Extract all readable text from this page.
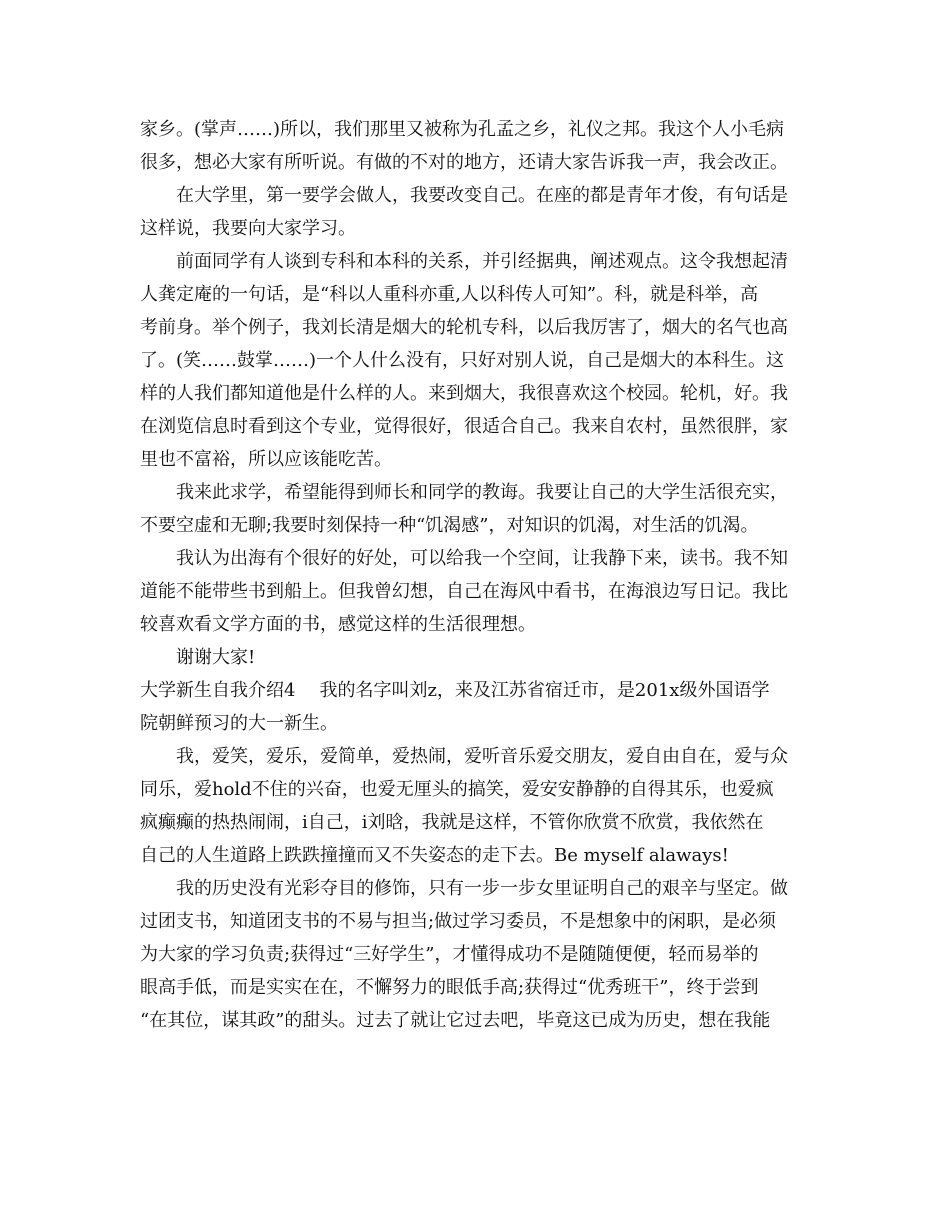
家乡。(掌声……)所以，我们那里又被称为孔孟之乡，礼仪之邦。我这个人小毛病
很多，想必大家有所听说。有做的不对的地方，还请大家告诉我一声，我会改正。
在大学里，第一要学会做人，我要改变自己。在座的都是青年才俊，有句话是
这样说，我要向大家学习。
前面同学有人谈到专科和本科的关系，并引经据典，阐述观点。这令我想起清
人龚定庵的一句话，是“科以人重科亦重,人以科传人可知”。科，就是科举，高
考前身。举个例子，我刘长清是烟大的轮机专科，以后我厉害了，烟大的名气也高
了。(笑……鼓掌……)一个人什么没有，只好对别人说，自己是烟大的本科生。这
样的人我们都知道他是什么样的人。来到烟大，我很喜欢这个校园。轮机，好。我
在浏览信息时看到这个专业，觉得很好，很适合自己。我来自农村，虽然很胖，家
里也不富裕，所以应该能吃苦。
我来此求学，希望能得到师长和同学的教诲。我要让自己的大学生活很充实，
不要空虚和无聊;我要时刻保持一种“饥渴感”，对知识的饥渴，对生活的饥渴。
我认为出海有个很好的好处，可以给我一个空间，让我静下来，读书。我不知
道能不能带些书到船上。但我曾幻想，自己在海风中看书，在海浪边写日记。我比
较喜欢看文学方面的书，感觉这样的生活很理想。
谢谢大家!
大学新生自我介绍4 我的名字叫刘z，来及江苏省宿迁市，是201x级外国语学
院朝鲜预习的大一新生。
我，爱笑，爱乐，爱简单，爱热闹，爱听音乐爱交朋友，爱自由自在，爱与众
同乐，爱hold不住的兴奋，也爱无厘头的搞笑，爱安安静静的自得其乐，也爱疯
疯癫癫的热热闹闹，i自己，i刘晗，我就是这样，不管你欣赏不欣赏，我依然在
自己的人生道路上跌跌撞撞而又不失姿态的走下去。Be myself alaways!
我的历史没有光彩夺目的修饰，只有一步一步女里证明自己的艰辛与坚定。做
过团支书，知道团支书的不易与担当;做过学习委员，不是想象中的闲职，是必须
为大家的学习负责;获得过“三好学生”，才懂得成功不是随随便便，轻而易举的
眼高手低，而是实实在在，不懈努力的眼低手高;获得过“优秀班干”，终于尝到
“在其位，谋其政”的甜头。过去了就让它过去吧，毕竟这已成为历史，想在我能
